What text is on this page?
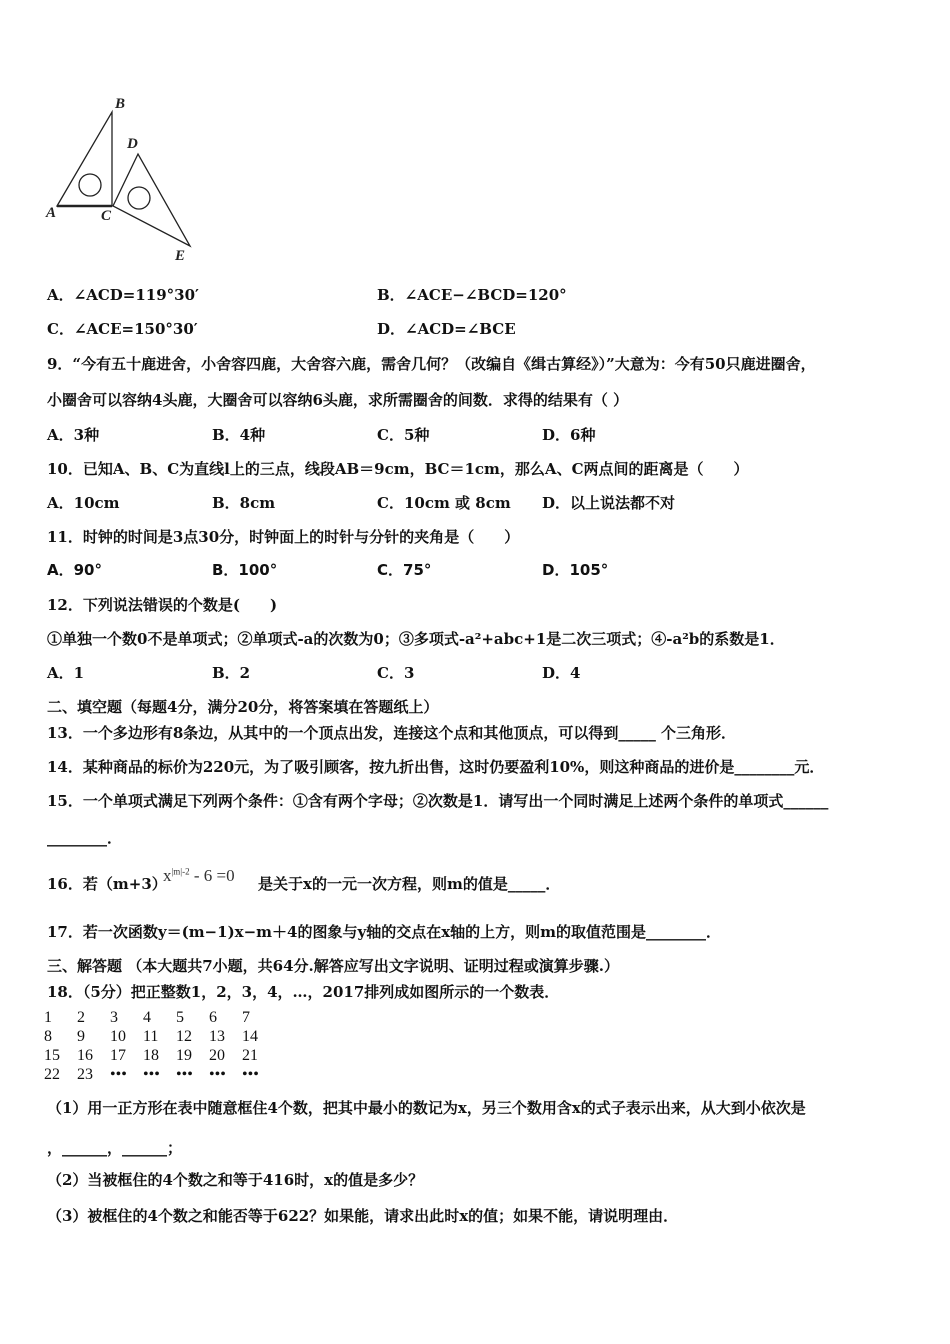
B
D
A	C
E
A．∠ACD=119°30′	B．∠ACE−∠BCD=120°
C．∠ACE=150°30′	D．∠ACD=∠BCE
9．“今有五十鹿进舍，小舍容四鹿，大舍容六鹿，需舍几何？（改编自《缉古算经》）”大意为：今有50只鹿进圈舍，
小圈舍可以容纳4头鹿，大圈舍可以容纳6头鹿，求所需圈舍的间数．求得的结果有（ ）
A．3种	B．4种	C．5种	D．6种
10．已知A、B、C为直线l上的三点，线段AB＝9cm，BC＝1cm，那么A、C两点间的距离是（　　）
A．10cm	B．8cm	C．10cm 或 8cm D．以上说法都不对
11．时钟的时间是3点30分，时钟面上的时针与分针的夹角是（　　）
A．90°	B．100°	C．75°	D．105°
12．下列说法错误的个数是(　　)
①单独一个数0不是单项式；②单项式-a的次数为0；③多项式-a²+abc+1是二次三项式；④-a²b的系数是1．
A．1	B．2	C．3	D．4
二、填空题（每题4分，满分20分，将答案填在答题纸上）
13．一个多边形有8条边，从其中的一个顶点出发，连接这个点和其他顶点，可以得到_____ 个三角形．
14．某种商品的标价为220元，为了吸引顾客，按九折出售，这时仍要盈利10%，则这种商品的进价是________元．
15．一个单项式满足下列两个条件：①含有两个字母；②次数是1．请写出一个同时满足上述两个条件的单项式______
________．
16．若（m+3）
$x^{|m|-2} - 6 =0$ 是关于x的一元一次方程，则m的值是_____．
17．若一次函数y＝(m−1)x−m＋4的图象与y轴的交点在x轴的上方，则m的取值范围是________．
三、解答题 （本大题共7小题，共64分.解答应写出文字说明、证明过程或演算步骤.）
18．（5分）把正整数1，2，3，4，…，2017排列成如图所示的一个数表．
1	2	3	4	5	6	7
8	9	10	11	12	13	14
15	16	17	18	19	20	21
22	23	•••	•••	•••	•••	•••
（1）用一正方形在表中随意框住4个数，把其中最小的数记为x，另三个数用含x的式子表示出来，从大到小依次是
，______，______；
（2）当被框住的4个数之和等于416时，x的值是多少？
（3）被框住的4个数之和能否等于622？如果能，请求出此时x的值；如果不能，请说明理由．
